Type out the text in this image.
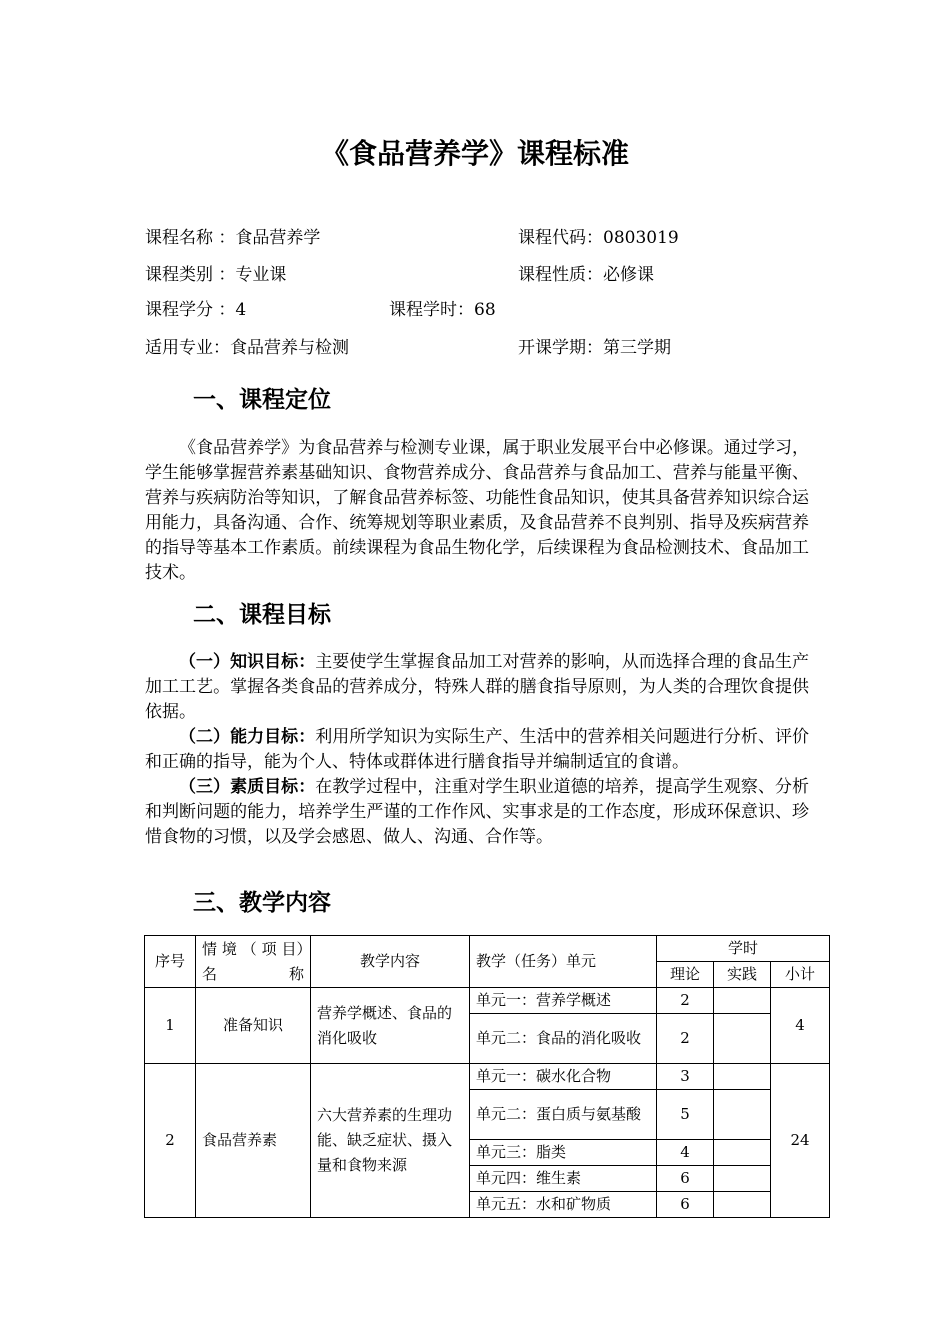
《食品营养学》课程标准
课程名称 ：食品营养学	课程代码：0803019
课程类别 ：专业课	课程性质：必修课
课程学分 ：4	课程学时：68
适用专业：食品营养与检测	开课学期：第三学期
一、课程定位

《食品营养学》为食品营养与检测专业课，属于职业发展平台中必修课。通过学习，学生能够掌握营养素基础知识、食物营养成分、食品营养与食品加工、营养与能量平衡、营养与疾病防治等知识，了解食品营养标签、功能性食品知识，使其具备营养知识综合运用能力，具备沟通、合作、统筹规划等职业素质，及食品营养不良判别、指导及疾病营养的指导等基本工作素质。前续课程为食品生物化学，后续课程为食品检测技术、食品加工技术。

二、课程目标

（一）知识目标：主要使学生掌握食品加工对营养的影响，从而选择合理的食品生产加工工艺。掌握各类食品的营养成分，特殊人群的膳食指导原则，为人类的合理饮食提供依据。

（二）能力目标：利用所学知识为实际生产、生活中的营养相关问题进行分析、评价和正确的指导，能为个人、特体或群体进行膳食指导并编制适宜的食谱。

（三）素质目标：在教学过程中，注重对学生职业道德的培养，提高学生观察、分析和判断问题的能力，培养学生严谨的工作作风、实事求是的工作态度，形成环保意识、珍惜食物的习惯，以及学会感恩、做人、沟通、合作等。

三、教学内容
序号	情 境 （ 项 目）名称	教学内容	教学（任务）单元	学时		
				理论	实践	小计
1	准备知识	营养学概述、食品的消化吸收	单元一：营养学概述	2		4
			单元二：食品的消化吸收	2		
2	食品营养素	六大营养素的生理功能、缺乏症状、摄入量和食物来源	单元一：碳水化合物	3		24
			单元二：蛋白质与氨基酸	5		
			单元三：脂类	4		
			单元四：维生素	6		
			单元五：水和矿物质	6		
